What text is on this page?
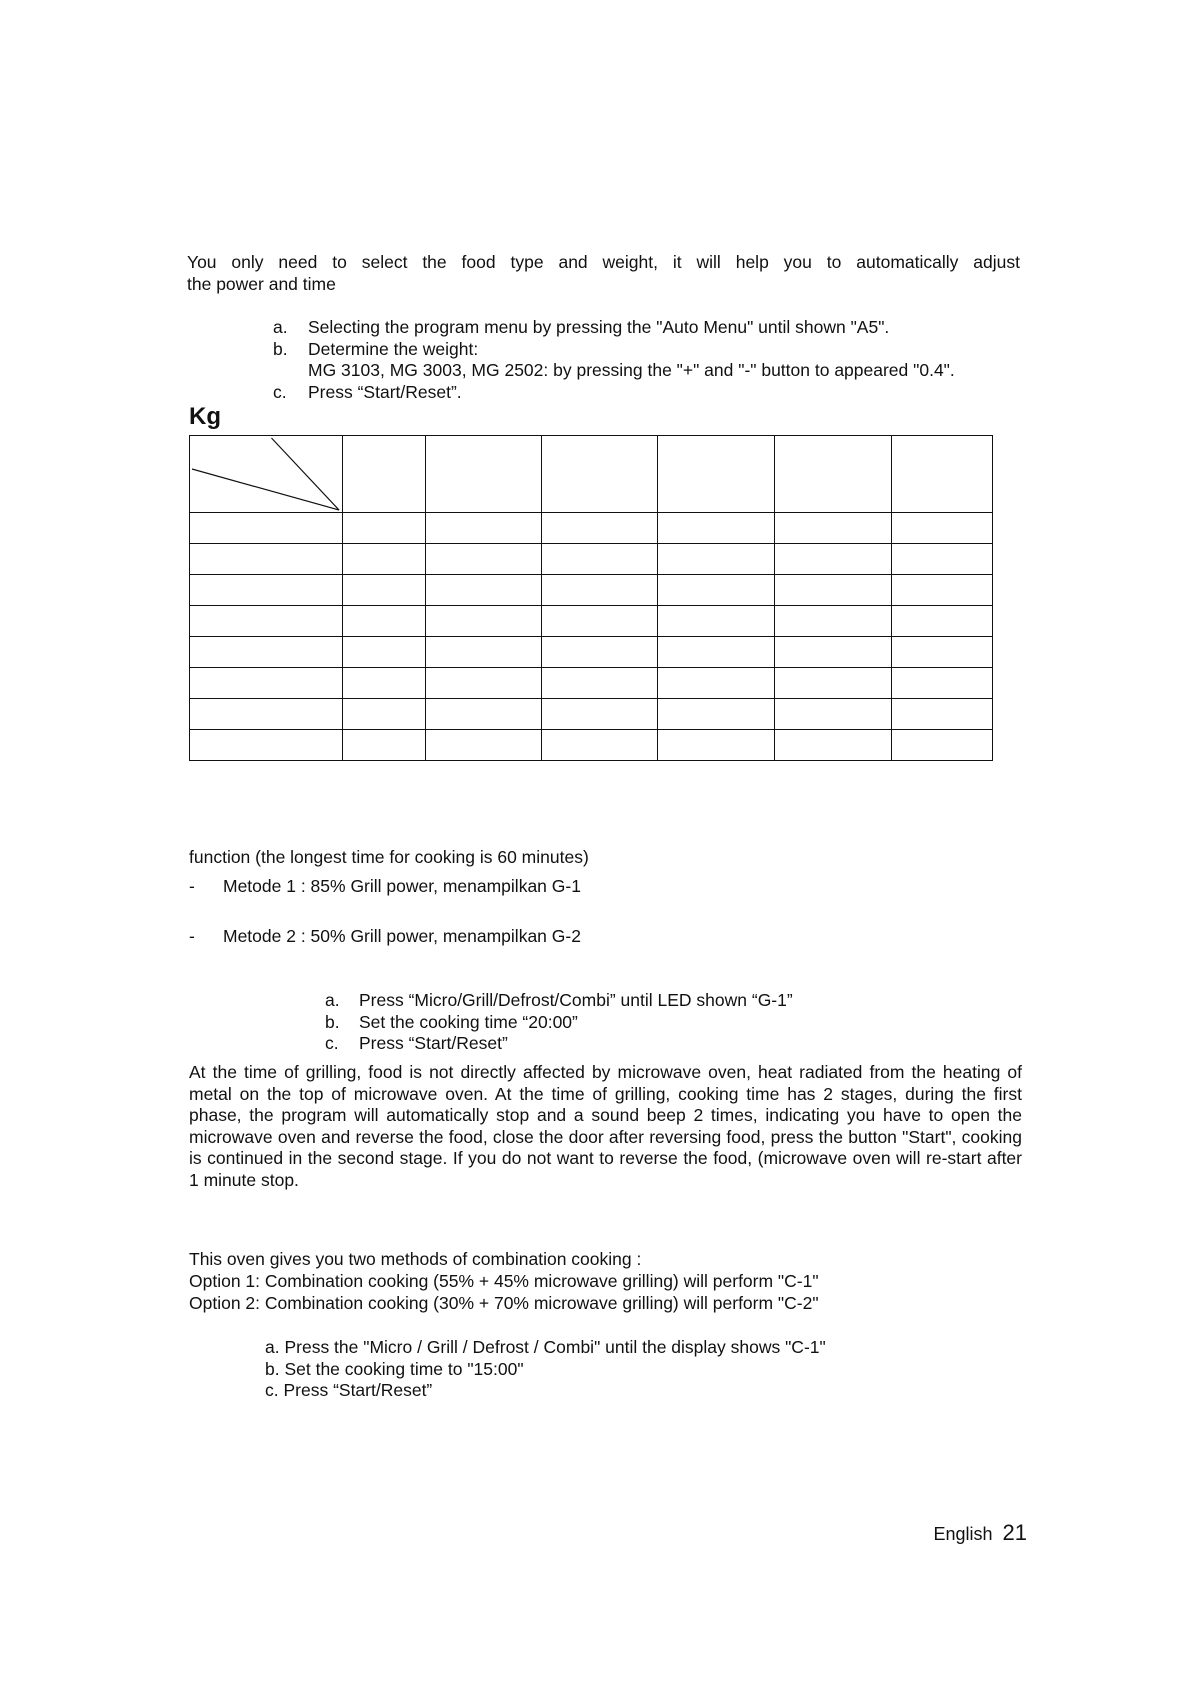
You only need to select the food type and weight, it will help you to automatically adjust
the power and time
a.	Selecting the program menu by pressing the "Auto Menu" until shown "A5".
b.	Determine the weight:
MG 3103, MG 3003, MG 2502: by pressing the "+" and "-" button to appeared "0.4".
c.	Press “Start/Reset”.
Kg

function (the longest time for cooking is 60 minutes)
- Metode 1 : 85% Grill power, menampilkan G-1
- Metode 2 : 50% Grill power, menampilkan G-2
a.	Press “Micro/Grill/Defrost/Combi” until LED shown “G-1”
b.	Set the cooking time “20:00”
c.	Press “Start/Reset”
At the time of grilling, food is not directly affected by microwave oven, heat radiated from the heating of metal on the top of microwave oven. At the time of grilling, cooking time has 2 stages, during the first phase, the program will automatically stop and a sound beep 2 times, indicating you have to open the microwave oven and reverse the food, close the door after reversing food, press the button "Start", cooking is continued in the second stage. If you do not want to reverse the food, (microwave oven will re-start after 1 minute stop.
This oven gives you two methods of combination cooking :
Option 1: Combination cooking (55% + 45% microwave grilling) will perform "C-1"
Option 2: Combination cooking (30% + 70% microwave grilling) will perform "C-2"
a. Press the "Micro / Grill / Defrost / Combi" until the display shows "C-1"
b. Set the cooking time to "15:00"
c. Press “Start/Reset”
English 21
